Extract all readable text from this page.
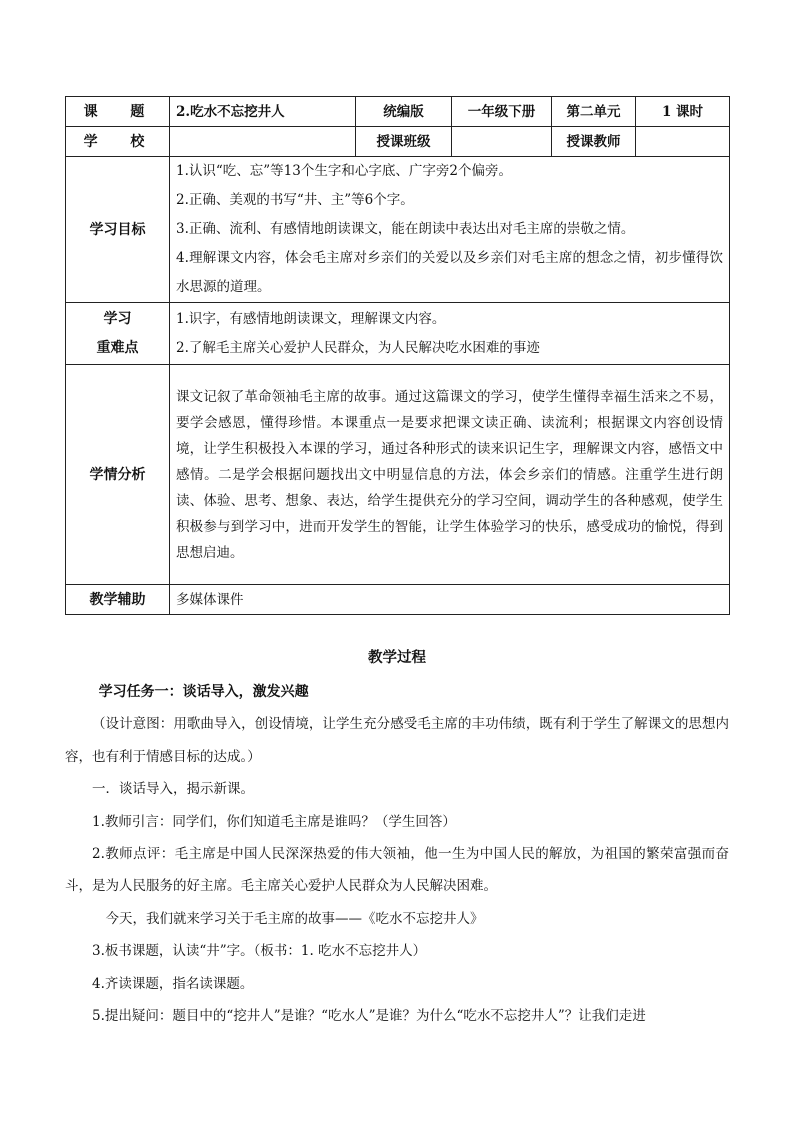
课 题	2.吃水不忘挖井人	统编版	一年级下册	第二单元	1 课时
学 校		授课班级		授课教师	
学习目标	1.认识“吃、忘”等13个生字和心字底、广字旁2个偏旁。
2.正确、美观的书写“井、主”等6个字。
3.正确、流利、有感情地朗读课文，能在朗读中表达出对毛主席的崇敬之情。
4.理解课文内容，体会毛主席对乡亲们的关爱以及乡亲们对毛主席的想念之情，初步懂得饮水思源的道理。				

学习
重难点	1.识字，有感情地朗读课文，理解课文内容。
2.了解毛主席关心爱护人民群众，为人民解决吃水困难的事迹				

学情分析	课文记叙了革命领袖毛主席的故事。通过这篇课文的学习，使学生懂得幸福生活来之不易，要学会感恩，懂得珍惜。本课重点一是要求把课文读正确、读流利；根据课文内容创设情境，让学生积极投入本课的学习，通过各种形式的读来识记生字，理解课文内容，感悟文中感情。二是学会根据问题找出文中明显信息的方法，体会乡亲们的情感。注重学生进行朗读、体验、思考、想象、表达，给学生提供充分的学习空间，调动学生的各种感观，使学生积极参与到学习中，进而开发学生的智能，让学生体验学习的快乐，感受成功的愉悦，得到思想启迪。				
教学辅助	多媒体课件				
教学过程

学习任务一：谈话导入，激发兴趣

（设计意图：用歌曲导入，创设情境，让学生充分感受毛主席的丰功伟绩，既有利于学生了解课文的思想内容，也有利于情感目标的达成。）

一．谈话导入，揭示新课。

1.教师引言：同学们，你们知道毛主席是谁吗？（学生回答）

2.教师点评：毛主席是中国人民深深热爱的伟大领袖，他一生为中国人民的解放，为祖国的繁荣富强而奋斗，是为人民服务的好主席。毛主席关心爱护人民群众为人民解决困难。

今天，我们就来学习关于毛主席的故事——《吃水不忘挖井人》

3.板书课题，认读“井”字。（板书：1. 吃水不忘挖井人）

4.齐读课题，指名读课题。

5.提出疑问：题目中的“挖井人”是谁？“吃水人”是谁？为什么“吃水不忘挖井人”？让我们走进
